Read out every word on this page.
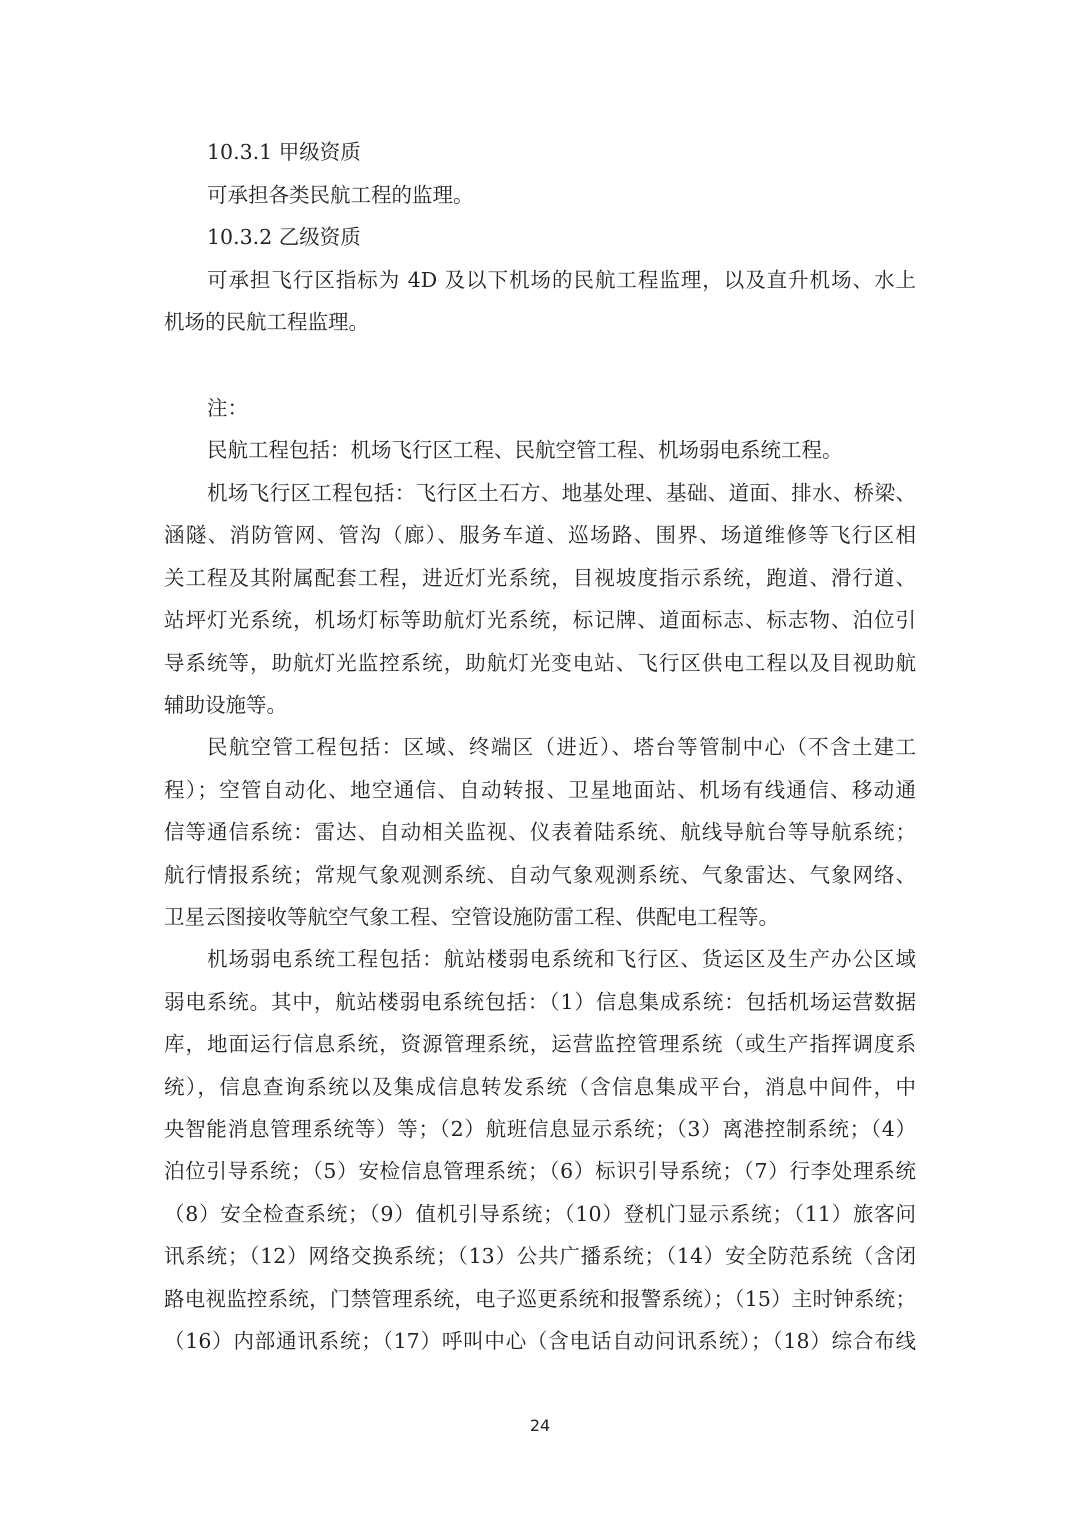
10.3.1 甲级资质
可承担各类民航工程的监理。
10.3.2 乙级资质
可承担飞行区指标为 4D 及以下机场的民航工程监理，以及直升机场、水上
机场的民航工程监理。
注：
民航工程包括：机场飞行区工程、民航空管工程、机场弱电系统工程。
机场飞行区工程包括：飞行区土石方、地基处理、基础、道面、排水、桥梁、
涵隧、消防管网、管沟（廊）、服务车道、巡场路、围界、场道维修等飞行区相
关工程及其附属配套工程，进近灯光系统，目视坡度指示系统，跑道、滑行道、
站坪灯光系统，机场灯标等助航灯光系统，标记牌、道面标志、标志物、泊位引
导系统等，助航灯光监控系统，助航灯光变电站、飞行区供电工程以及目视助航
辅助设施等。
民航空管工程包括：区域、终端区（进近）、塔台等管制中心（不含土建工
程）；空管自动化、地空通信、自动转报、卫星地面站、机场有线通信、移动通
信等通信系统：雷达、自动相关监视、仪表着陆系统、航线导航台等导航系统；
航行情报系统；常规气象观测系统、自动气象观测系统、气象雷达、气象网络、
卫星云图接收等航空气象工程、空管设施防雷工程、供配电工程等。
机场弱电系统工程包括：航站楼弱电系统和飞行区、货运区及生产办公区域
弱电系统。其中，航站楼弱电系统包括：（1）信息集成系统：包括机场运营数据
库，地面运行信息系统，资源管理系统，运营监控管理系统（或生产指挥调度系
统），信息查询系统以及集成信息转发系统（含信息集成平台，消息中间件，中
央智能消息管理系统等）等；（2）航班信息显示系统；（3）离港控制系统；（4）
泊位引导系统；（5）安检信息管理系统；（6）标识引导系统；（7）行李处理系统
（8）安全检查系统；（9）值机引导系统；（10）登机门显示系统；（11）旅客问
讯系统；（12）网络交换系统；（13）公共广播系统；（14）安全防范系统（含闭
路电视监控系统，门禁管理系统，电子巡更系统和报警系统）；（15）主时钟系统；
（16）内部通讯系统；（17）呼叫中心（含电话自动问讯系统）；（18）综合布线
24
